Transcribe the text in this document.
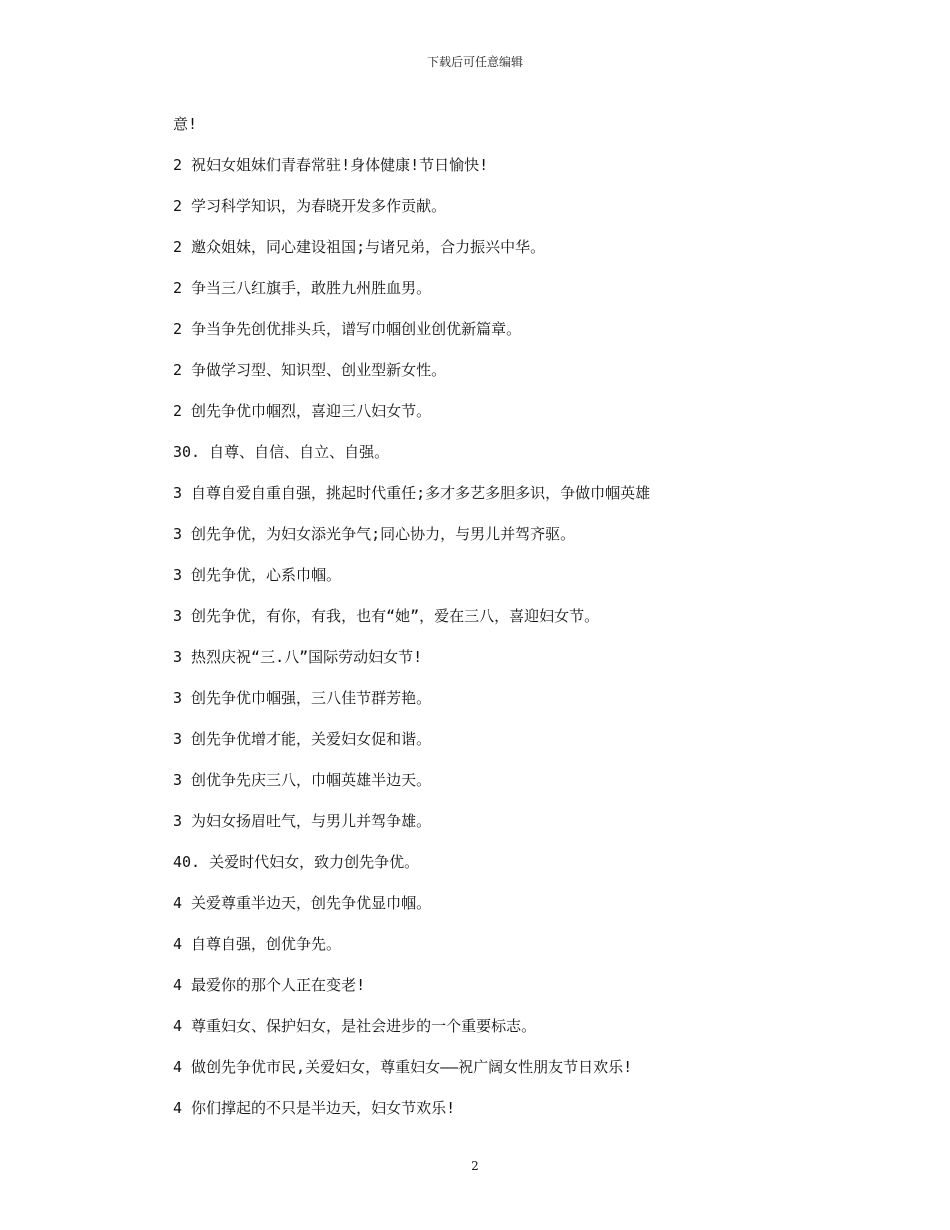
下载后可任意编辑
意!
2 祝妇女姐妹们青春常驻!身体健康!节日愉快!
2 学习科学知识，为春晓开发多作贡献。
2 邀众姐妹，同心建设祖国;与诸兄弟，合力振兴中华。
2 争当三八红旗手，敢胜九州胜血男。
2 争当争先创优排头兵，谱写巾帼创业创优新篇章。
2 争做学习型、知识型、创业型新女性。
2 创先争优巾帼烈，喜迎三八妇女节。
30. 自尊、自信、自立、自强。
3 自尊自爱自重自强，挑起时代重任;多才多艺多胆多识，争做巾帼英雄
3 创先争优，为妇女添光争气;同心协力，与男儿并驾齐驱。
3 创先争优，心系巾帼。
3 创先争优，有你，有我，也有“她”，爱在三八，喜迎妇女节。
3 热烈庆祝“三.八”国际劳动妇女节!
3 创先争优巾帼强，三八佳节群芳艳。
3 创先争优增才能，关爱妇女促和谐。
3 创优争先庆三八，巾帼英雄半边天。
3 为妇女扬眉吐气，与男儿并驾争雄。
40. 关爱时代妇女，致力创先争优。
4 关爱尊重半边天，创先争优显巾帼。
4 自尊自强，创优争先。
4 最爱你的那个人正在变老!
4 尊重妇女、保护妇女，是社会进步的一个重要标志。
4 做创先争优市民,关爱妇女，尊重妇女——祝广阔女性朋友节日欢乐!
4 你们撑起的不只是半边天，妇女节欢乐!
2
